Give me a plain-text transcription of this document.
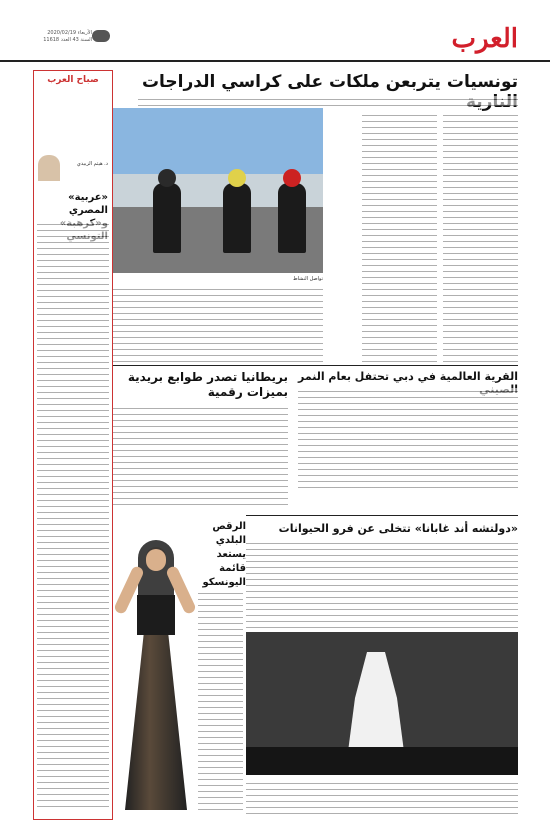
العرب
الأربعاء 2020/02/19
السنة 43 العدد 11618
تونسيات يتربعن ملكات على كراسي الدراجات
تواصل النشاط
صباح العرب
د. هيثم الزبيدي
«عربية» المصري
القرية العالمية في دبي تحتفل بعام النمر
بريطانيا تصدر طوابع بريدية بميزات رقمية
«دولتشه أند غابانا» تتخلى عن فرو الحيوانات
الرقص البلدي يستعد قائمة اليونسكو
